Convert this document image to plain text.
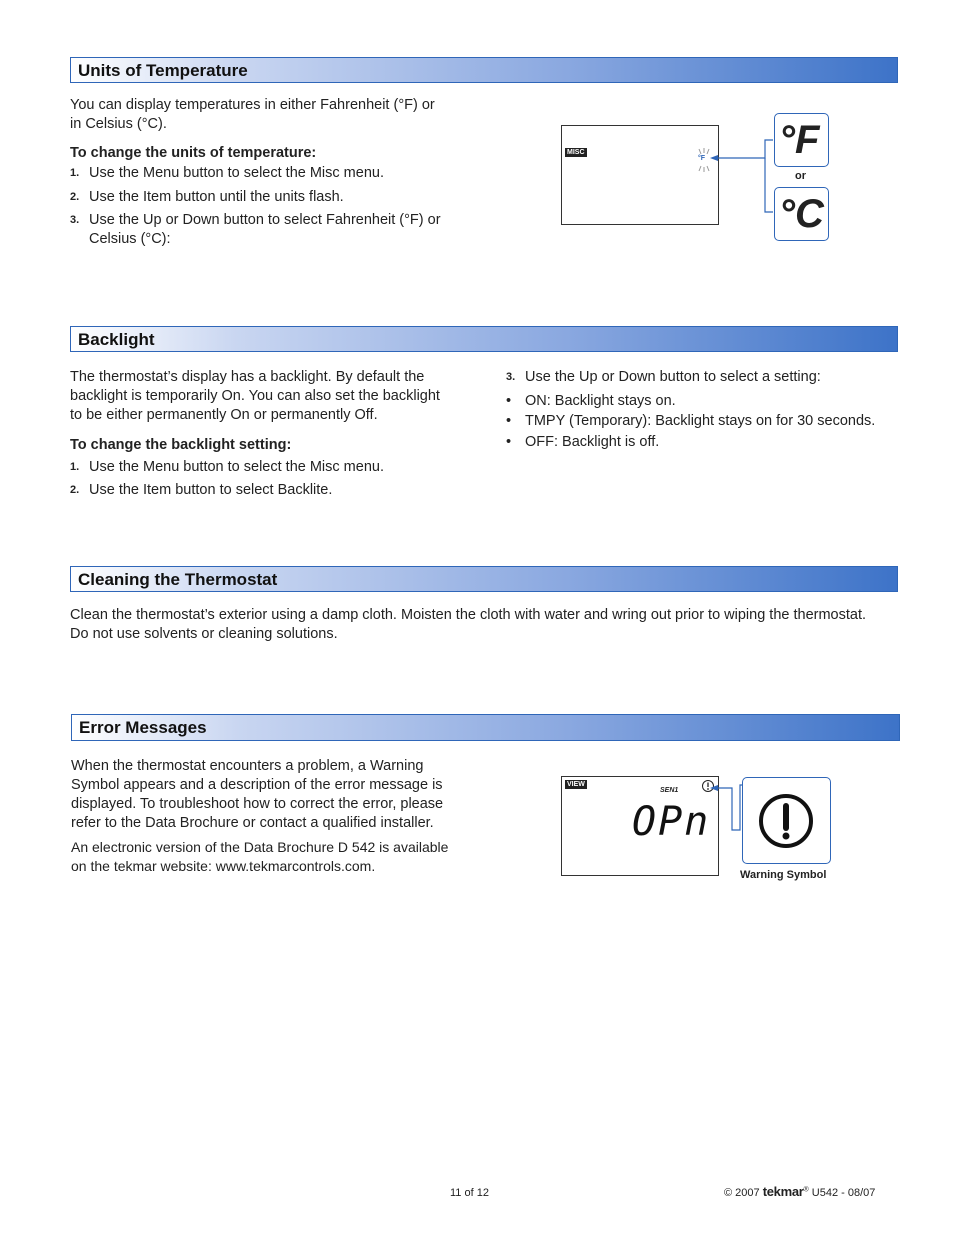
Units of Temperature

You can display temperatures in either Fahrenheit (°F) or
in Celsius (°C).

To change the units of temperature:
1. Use the Menu button to select the Misc menu.
2. Use the Item button until the units flash.
3. Use the Up or Down button to select Fahrenheit (°F) or
Celsius (°C):
MISC
°F °F
or
°C
Backlight

The thermostat’s display has a backlight. By default the
backlight is temporarily On. You can also set the backlight
to be either permanently On or permanently Off.

To change the backlight setting:
1. Use the Menu button to select the Misc menu.
2. Use the Item button to select Backlite.
3. Use the Up or Down button to select a setting:
• ON: Backlight stays on.
• TMPY (Temporary): Backlight stays on for 30 seconds.
• OFF: Backlight is off.
Cleaning the Thermostat

Clean the thermostat’s exterior using a damp cloth. Moisten the cloth with water and wring out prior to wiping the thermostat.
Do not use solvents or cleaning solutions.

Error Messages

When the thermostat encounters a problem, a Warning
Symbol appears and a description of the error message is
displayed. To troubleshoot how to correct the error, please
refer to the Data Brochure or contact a qualified installer.

An electronic version of the Data Brochure D 542 is available
on the tekmar website: www.tekmarcontrols.com.

VIEW
SEN1
OPn
Warning Symbol
11 of 12	© 2007 tekmar® U542 - 08/07
